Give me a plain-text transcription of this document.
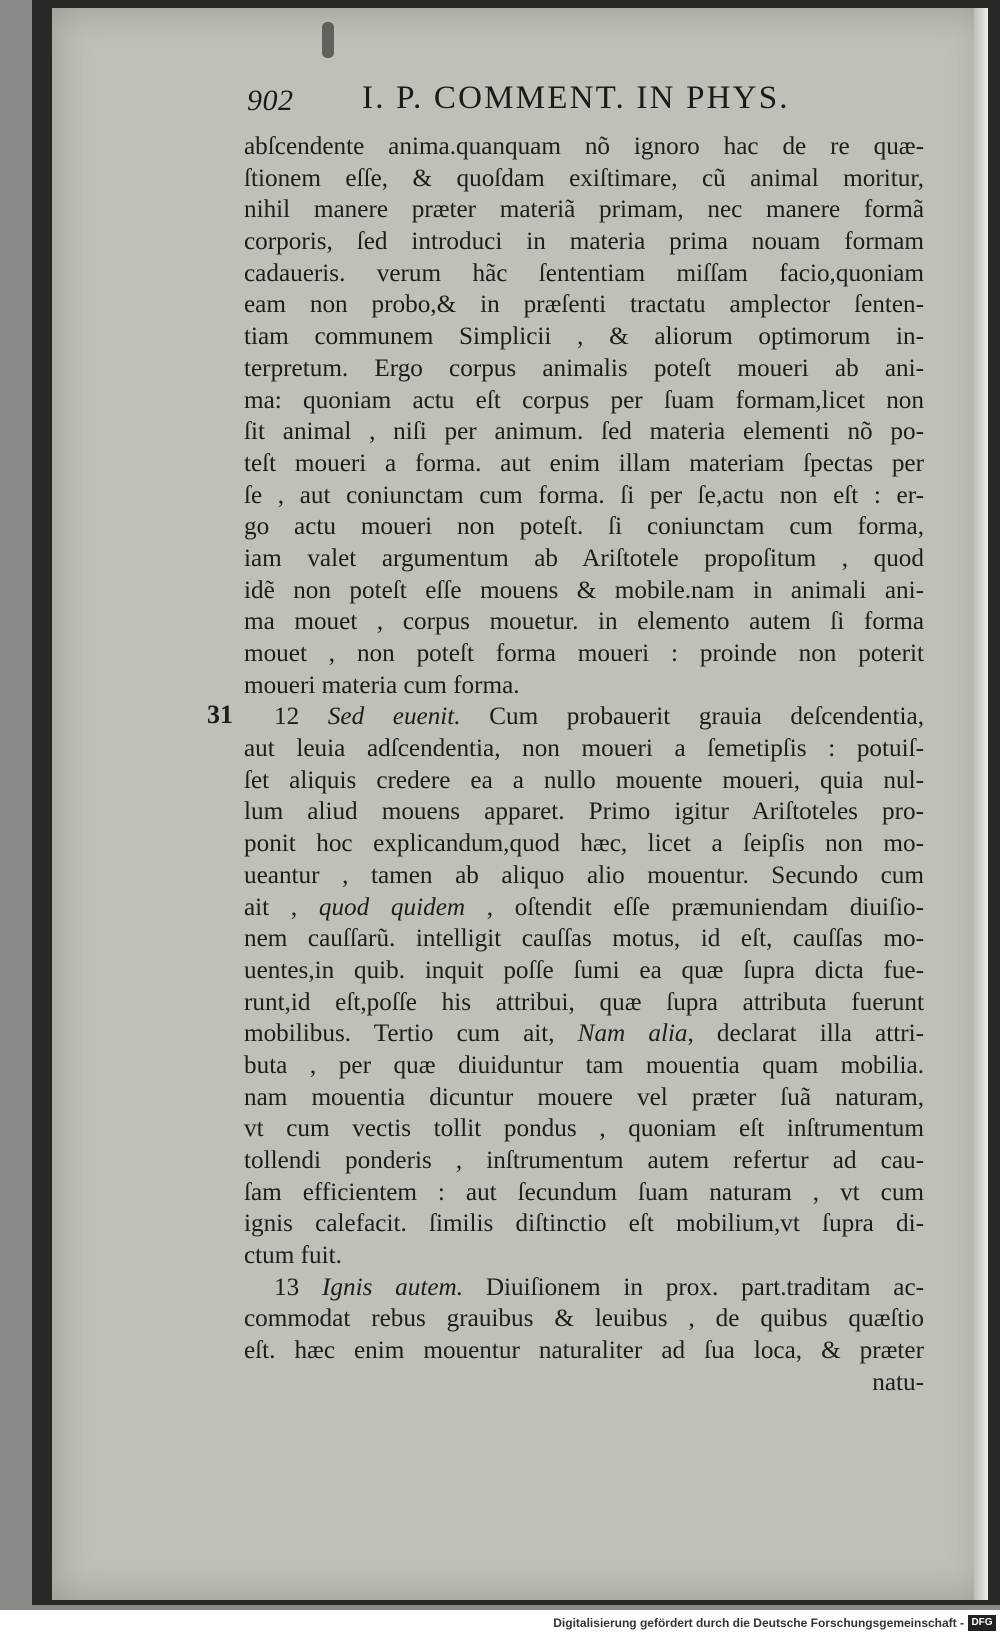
902 I. P. COMMENT. IN PHYS.
31
abſcendente anima.quanquam nõ ignoro hac de re quæ-
ſtionem eſſe, & quoſdam exiſtimare, cũ animal moritur,
nihil manere præter materiã primam, nec manere formã
corporis, ſed introduci in materia prima nouam formam
cadaueris. verum hãc ſententiam miſſam facio,quoniam
eam non probo,& in præſenti tractatu amplector ſenten-
tiam communem Simplicii , & aliorum optimorum in-
terpretum. Ergo corpus animalis poteſt moueri ab ani-
ma: quoniam actu eſt corpus per ſuam formam,licet non
ſit animal , niſi per animum. ſed materia elementi nõ po-
teſt moueri a forma. aut enim illam materiam ſpectas per
ſe , aut coniunctam cum forma. ſi per ſe,actu non eſt : er-
go actu moueri non poteſt. ſi coniunctam cum forma,
iam valet argumentum ab Ariſtotele propoſitum , quod
idẽ non poteſt eſſe mouens & mobile.nam in animali ani-
ma mouet , corpus mouetur. in elemento autem ſi forma
mouet , non poteſt forma moueri : proinde non poterit
moueri materia cum forma.
12 Sed euenit. Cum probauerit grauia deſcendentia,
aut leuia adſcendentia, non moueri a ſemetipſis : potuiſ-
ſet aliquis credere ea a nullo mouente moueri, quia nul-
lum aliud mouens apparet. Primo igitur Ariſtoteles pro-
ponit hoc explicandum,quod hæc, licet a ſeipſis non mo-
ueantur , tamen ab aliquo alio mouentur. Secundo cum
ait , quod quidem , oſtendit eſſe præmuniendam diuiſio-
nem cauſſarũ. intelligit cauſſas motus, id eſt, cauſſas mo-
uentes,in quib. inquit poſſe ſumi ea quæ ſupra dicta fue-
runt,id eſt,poſſe his attribui, quæ ſupra attributa fuerunt
mobilibus. Tertio cum ait, Nam alia, declarat illa attri-
buta , per quæ diuiduntur tam mouentia quam mobilia.
nam mouentia dicuntur mouere vel præter ſuã naturam,
vt cum vectis tollit pondus , quoniam eſt inſtrumentum
tollendi ponderis , inſtrumentum autem refertur ad cau-
ſam efficientem : aut ſecundum ſuam naturam , vt cum
ignis calefacit. ſimilis diſtinctio eſt mobilium,vt ſupra di-
ctum fuit.
13 Ignis autem. Diuiſionem in prox. part.traditam ac-
commodat rebus grauibus & leuibus , de quibus quæſtio
eſt. hæc enim mouentur naturaliter ad ſua loca, & præter
natu-
Digitalisierung gefördert durch die Deutsche Forschungsgemeinschaft - DFG
